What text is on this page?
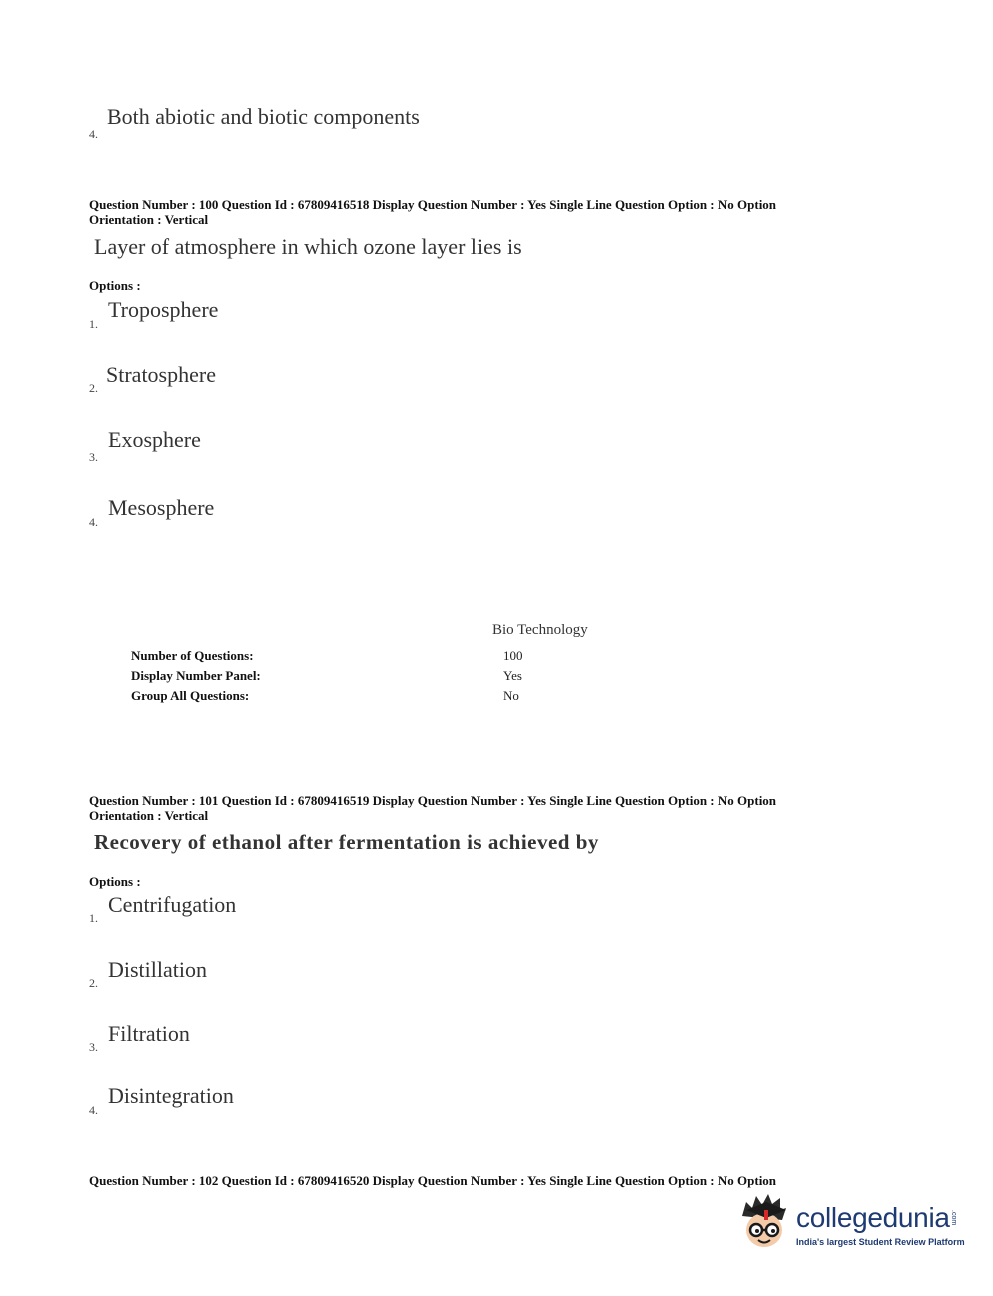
4.
Both abiotic and biotic components
Question Number : 100 Question Id : 67809416518 Display Question Number : Yes Single Line Question Option : No Option
Orientation : Vertical
Layer of atmosphere in which ozone layer lies is
Options :
1.
Troposphere
2.
Stratosphere
3.
Exosphere
4.
Mesosphere
Bio Technology
Number of Questions:	100
Display Number Panel:	Yes
Group All Questions:	No
Question Number : 101 Question Id : 67809416519 Display Question Number : Yes Single Line Question Option : No Option
Orientation : Vertical
Recovery of ethanol after fermentation is achieved by
Options :
1.
Centrifugation
2.
Distillation
3.
Filtration
4.
Disintegration
Question Number : 102 Question Id : 67809416520 Display Question Number : Yes Single Line Question Option : No Option
collegedunia .com
India's largest Student Review Platform
